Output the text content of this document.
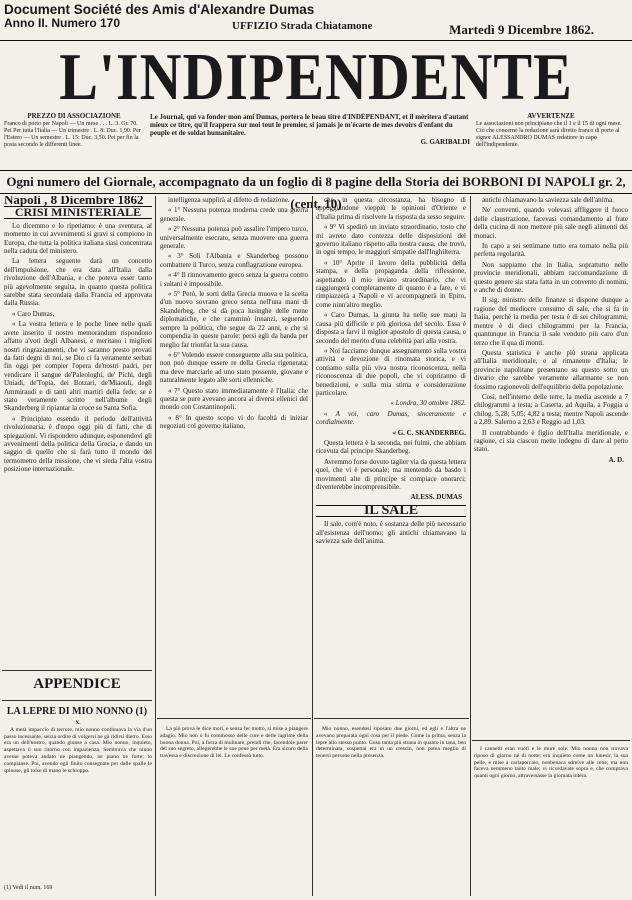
Document Société des Amis d'Alexandre Dumas
Anno II. Numero 170	UFFIZIO Strada Chiatamone	Martedì 9 Dicembre 1862.
L'INDIPENDENTE
PREZZO DI ASSOCIAZIONE
Franco di porto per Napoli — Un mese . . . L. 3. Gr. 70. Pei Per tutta l'Italia — Un trimestre . L. 8: Duc. 1,90. Per l'Estero — Un semestre . L. 15: Duc. 3,50. Pei per fin la posta secondo le differenti linee.
Le Journal, qui va fonder mon ami Dumas, portera le beau titre d'INDÉPENDANT, et il méritera d'autant mieux ce titre, qu'il frappera sur moi tout le premier, si jamais je m'écarte de mes devoirs d'enfant du peuple et de soldat humanitaire.
G. GARIBALDI
AVVERTENZE
Le associazioni non principiano che il 1 e il 15 di ogni mese. Ciò che concerne la redazione sarà diretto franco di porto al signor ALESSANDRO DUMAS redattore in capo dell'Indipendente.
Ogni numero del Giornale, accompagnato da un foglio di 8 pagine della Storia dei BORBONI DI NAPOLI gr. 2, (cent. 10)
Napoli , 8 Dicembre 1862
CRISI MINISTERIALE

Lo dicemmo e lo ripetiamo: è una sventura, al momento in cui avvenimenti sì gravi si compiono in Europa, che tutta la politica italiana siasi concentrata nella caduta del ministero.

La lettera seguente darà un concetto dell'impulsione, che era data all'Italia dalla rivoluzione dell'Albania, e che poteva esser tanto più agevolmente seguita, in quanto questa politica sarebbe stata secondata dalla Francia ed approvata dalla Russia.

« Caro Dumas,

« La vostra lettera e le poche linee nelle quali avete inserito il nostro memorandum rispondono affatto a'voti degli Albanesi, e meritano i migliori nostri ringraziamenti, che vi saranno presto provati da fatti degni di noi, se Dio ci fa veramente serbati fin oggi per compier l'opera de'nostri padri, per vendicare il sangue de'Paleologhi, de' Pichi, degli Uniadi, de'Topia, dei Botzari, de'Miaouli, degli Ammiraudi e di tanti altri martiri della fede; se è stato veramente scritto nell'albume degli Skanderberg il ripiantar la croce su Santa Sofia.

« Principiato essendo il periodo dell'attività rivoluzionaria, è d'uopo oggi più di fatti, che di spiegazioni. Vi rispondero adunque, esponendovi gli avvenimenti della politica della Grecia, e dando un saggio di quello che si farà tutto il mondo del termometro della missione, che vi sieda l'alta vostra posizione internazionale.

APPENDICE
LA LEPRE DI MIO NONNO (1)
X.

A metà impaccio di terrore, mio nonno continuava la via d'un passo incessante, senza ordire di volgersi ne gà ridirsi dietro. Esso era un dell'nostro, quando giunse a casa. Mio nonno, inquieto, aspettava il suo ritorno con impazienza. Sembrava che niuno avesse poteva andato ne piangendo, ne piano ne forte; lo compianse. Poi, avendo egli finito consegnate per dalle spalle le spinose, gli tolse di mano le schioppo.

(1) Vedi il num. 169

intelligenza supplirà al difetto di redazione.

« 1° Nessuna potenza moderna crede una guerra generale.

« 2° Nessuna potenza può assalire l'impero turco, universalmente esecrato, senza muovere una guerra generale.

« 3° Soli l'Albania e Skanderbeg possono combattere il Turco, senza conflagrazione europea.

« 4° Il rinnovamento greco senza la guerra contro i sultani è impossibile.

« 5° Però, le sorti della Grecia muova e la scelta d'un nuovo sovrano greco senza nell'una mani di Skanderbeg, che si dà poca lusinghe delle mene diplomatiche, e che camminò innanzi, seguendo sempre la politica, che segue da 22 anni, e che si compendia in queste parole: persi egli da banda per meglio far trionfar la sua causa.

« 6° Volendo essere conseguente alla sua politica, non può dunque essere re della Grecia rigenerata; ma deve marciarle ad uno stato possente, giovane e naturalmente legato alle sorti ellenniche.

« 7° Questo stato immediatamente è l'Italia: che questa se pure avevano ancora ai diversi ellenici del mondo con Costantinopoli.

« 8° In questo scopo vi do facoltà di iniziar negoziati col governo italiano,

La più prova le dice mori, e senza fer motto, si mise a piangere adagio. Mio non o fu commosso delle cure e delle lagrime della buona donna. Poi, a forza di mulinare, prendi che, facendole parer del suo segreto, allegerebbe le sue pene per metà. Era sicuro della travessa e discrezione di lei. Le confessò tutto.

che, in questa circostanza, ha bisogno di appoggiandone vieppiù le opinioni d'Oriente e d'Italia prima di risolvere la risposta da sesso seguire.

« 9° Vi spedirò un inviato straordinario, tosto che mi avrete dato contezza delle disposizioni del governo italiano rispetto alla nostra causa, che trovò, in ogni tempo, le maggiori simpatie dall'Inghilterra.

« 10° Aprite il lavoro della pubblicità della stampa, e della propaganda della riflessione, aspettando il mio inviato straordinario, che vi raggiungerà completamente di quanto è a fare, e vi rimpiazzerà a Napoli e vi accompagnerà in Epiro, come ninn'altro meglio.

« Caro Dumas, la giunta ha nelle sue mani la causa più difficile e più gloriosa del secolo. Essa è disposta a farvi il miglior apostolo di questa causa, e secondo del merito d'una celebrità pari alla vostra.

« Noi facciamo dunque assegnamento sulla vostra attività e devozione di rinomata storica, e vi contiamo sulla più viva nostra riconoscenza, nella riconoscenza di due popoli, che vi copriranno di benedizioni, e sulla mia stima e considerazione particolare.

« Londra, 30 ottobre 1862.

« A voi, caro Dumas, sinceramente e cordialmente.

« G. C. SKANDERBEG.

Questa lettera è la seconda, nei fulmi, che abbiam ricevuta dal principe Skanderbeg.

Avremmo forse dovuto taglier via da questa lettera quel, che vi è personale; ma mentendo da basdo i movimenti alte di principe si compiace onorarci; diventerebbe incomprensibile.

ALESS. DUMAS
IL SALE

Il sale, com'è noto, è sostanza delle più necessarie all'esistenza dell'uomo; gli antichi chiamavano la saviezza sale dell'anima.

Mio nonno, esendosi riposato due giorni, ed egli e l'altra ne avevano preparata ogni cosa per il piede. Come la prima, senza la lepre allo stesso punto. Gosu tanta più strana in quanto in tana, ben determinata, sospettai era in un crescin, non potea meglio di tenersi persone nella presenza.

antichi chiamavano la saviezza sale dell'anima.

Ne' conventi, quando volevasi affliggere il fuoco delle claustrazione, facevasi comandamento al frate della cucina di non mettere più sale negli alimenti dei monaci.

In capo a sei settimane tutto era tornato nella più perfetta regolarità.

Non sappiamo che in Italia, soprattutto nelle provincie meridionali, abbiam raccomandazione di questo genere sia stata fatta in un convento di nomini, e anche di donne.

Il sig. ministro delle finanze si dispone dunque a ragione del mediocre consumo di sale, che si fa in Italia, perchè la media per testa è di sei chilogrammi; mentre è di dieci chilogrammi per la Francia, quantunque in Francia il sale venduto più caro d'un terzo che il qua di monti.

Questa statistica è anche più strana applicata all'Italia meridionale, e al rimanente d'Italia; le provincie napolitane presentano su questo sotto un divario che sarebbe veramente allarmante se non fossimo ragionevoli dell'equilibrio della popolazione.

Così, nell'interno delle terre, la media ascende a 7 chilogrammi a testa; a Caserta, ad Aquila, a Foggia a chilog. 5,28; 5,05; 4,82 a testa; mentre Napoli ascende a 2,89. Salerno a 2,63 e Reggio ad 1,03.

Il contrabbando è figlio dell'Italia meridionale, e ragione, ci sia ciascun mette indegno di dare al petto stato.

A. D.

I cannetti eran vuoti e le mure sole. Mio nonno non trovava riposo di giorno né di notte; era inquieto come un lunesir, la sua pelle, e mise a carlaporcaio, nonbenaca sdreive alle cene; ma non faceva nemmeno tanto male; vi ricordavate sopra e, che comprava quanti ogni giorno, attraversasse la giornata intera.
